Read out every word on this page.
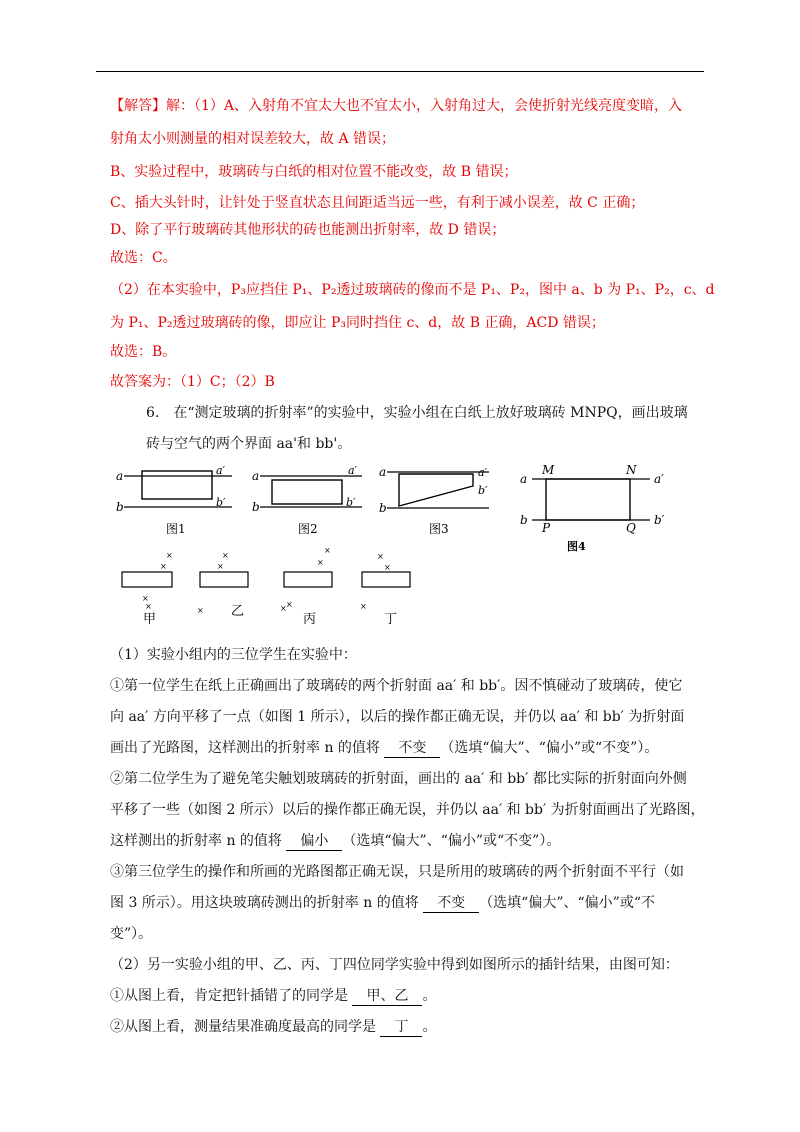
【解答】解：（1）A、入射角不宜太大也不宜太小，入射角过大，会使折射光线亮度变暗，入
射角太小则测量的相对误差较大，故 A 错误；
B、实验过程中，玻璃砖与白纸的相对位置不能改变，故 B 错误；
C、插大头针时，让针处于竖直状态且间距适当远一些，有利于减小误差，故 C 正确；
D、除了平行玻璃砖其他形状的砖也能测出折射率，故 D 错误；
故选：C。
（2）在本实验中，P₃应挡住 P₁、P₂透过玻璃砖的像而不是 P₁、P₂，图中 a、b 为 P₁、P₂，c、d
为 P₁、P₂透过玻璃砖的像，即应让 P₃同时挡住 c、d，故 B 正确，ACD 错误；
故选：B。
故答案为：（1）C；（2）B
6.　在“测定玻璃的折射率”的实验中，实验小组在白纸上放好玻璃砖 MNPQ，画出玻璃
砖与空气的两个界面 aa'和 bb'。
a	a′
b	b′
图1
a	a′
b	b′
图2
a	a′
b
b′
图3
a	a′
b	b′
M	N
P	Q
图4
×
×
×
×
甲
×
×
× 乙
×
×
× ×
丙
×
×
×
丁
（1）实验小组内的三位学生在实验中：
①第一位学生在纸上正确画出了玻璃砖的两个折射面 aa′ 和 bb′。因不慎碰动了玻璃砖，使它
向 aa′ 方向平移了一点（如图 1 所示），以后的操作都正确无误，并仍以 aa′ 和 bb′ 为折射面
画出了光路图，这样测出的折射率 n 的值将 不变 （选填“偏大”、“偏小”或“不变”）。
②第二位学生为了避免笔尖触划玻璃砖的折射面，画出的 aa′ 和 bb′ 都比实际的折射面向外侧
平移了一些（如图 2 所示）以后的操作都正确无误，并仍以 aa′ 和 bb′ 为折射面画出了光路图，
这样测出的折射率 n 的值将 偏小 （选填“偏大”、“偏小”或“不变”）。
③第三位学生的操作和所画的光路图都正确无误，只是所用的玻璃砖的两个折射面不平行（如
图 3 所示）。用这块玻璃砖测出的折射率 n 的值将 不变 （选填“偏大”、“偏小”或“不
变”）。
（2）另一实验小组的甲、乙、丙、丁四位同学实验中得到如图所示的插针结果，由图可知：
①从图上看，肯定把针插错了的同学是 甲、乙 。
②从图上看，测量结果准确度最高的同学是 丁 。
